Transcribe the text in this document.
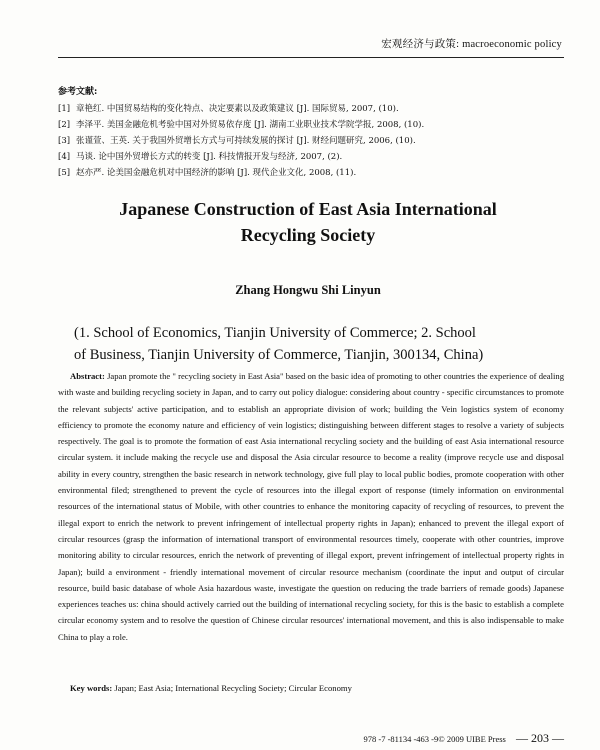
宏观经济与政策: macroeconomic policy
参考文献:
[1] 章艳红. 中国贸易结构的变化特点、决定要素以及政策建议 [J]. 国际贸易, 2007, (10).
[2] 李泽平. 美国金融危机考验中国对外贸易依存度 [J]. 湖南工业职业技术学院学报, 2008, (10).
[3] 张谨萱、王英. 关于我国外贸增长方式与可持续发展的探讨 [J]. 财经问题研究, 2006, (10).
[4] 马谈. 论中国外贸增长方式的转变 [J]. 科技情报开发与经济, 2007, (2).
[5] 赵亦严. 论美国金融危机对中国经济的影响 [J]. 现代企业文化, 2008, (11).
Japanese Construction of East Asia International
Recycling Society
Zhang Hongwu Shi Linyun
(1. School of Economics, Tianjin University of Commerce; 2. School
of Business, Tianjin University of Commerce, Tianjin, 300134, China)

Abstract: Japan promote the " recycling society in East Asia" based on the basic idea of promoting to other countries the experience of dealing with waste and building recycling society in Japan, and to carry out policy dialogue: considering about country - specific circumstances to promote the relevant subjects' active participation, and to establish an appropriate division of work; building the Vein logistics system of economy efficiency to promote the economy nature and efficiency of vein logistics; distinguishing between different stages to resolve a variety of subjects respectively. The goal is to promote the formation of east Asia international recycling society and the building of east Asia international resource circular system. it include making the recycle use and disposal the Asia circular resource to become a reality (improve recycle use and disposal ability in every country, strengthen the basic research in network technology, give full play to local public bodies, promote cooperation with other environmental filed; strengthened to prevent the cycle of resources into the illegal export of response (timely information on environmental resources of the international status of Mobile, with other countries to enhance the monitoring capacity of recycling of resources, to prevent the illegal export to enrich the network to prevent infringement of intellectual property rights in Japan); enhanced to prevent the illegal export of circular resources (grasp the information of international transport of environmental resources timely, cooperate with other countries, improve monitoring ability to circular resources, enrich the network of preventing of illegal export, prevent infringement of intellectual property rights in Japan); build a environment - friendly international movement of circular resource mechanism (coordinate the input and output of circular resource, build basic database of whole Asia hazardous waste, investigate the question on reducing the trade barriers of remade goods) Japanese experiences teaches us: china should actively carried out the building of international recycling society, for this is the basic to establish a complete circular economy system and to resolve the question of Chinese circular resources' international movement, and this is also indispensable to make China to play a role.

Key words: Japan; East Asia; International Recycling Society; Circular Economy
978 -7 -81134 -463 -9© 2009 UIBE Press — 203 —
